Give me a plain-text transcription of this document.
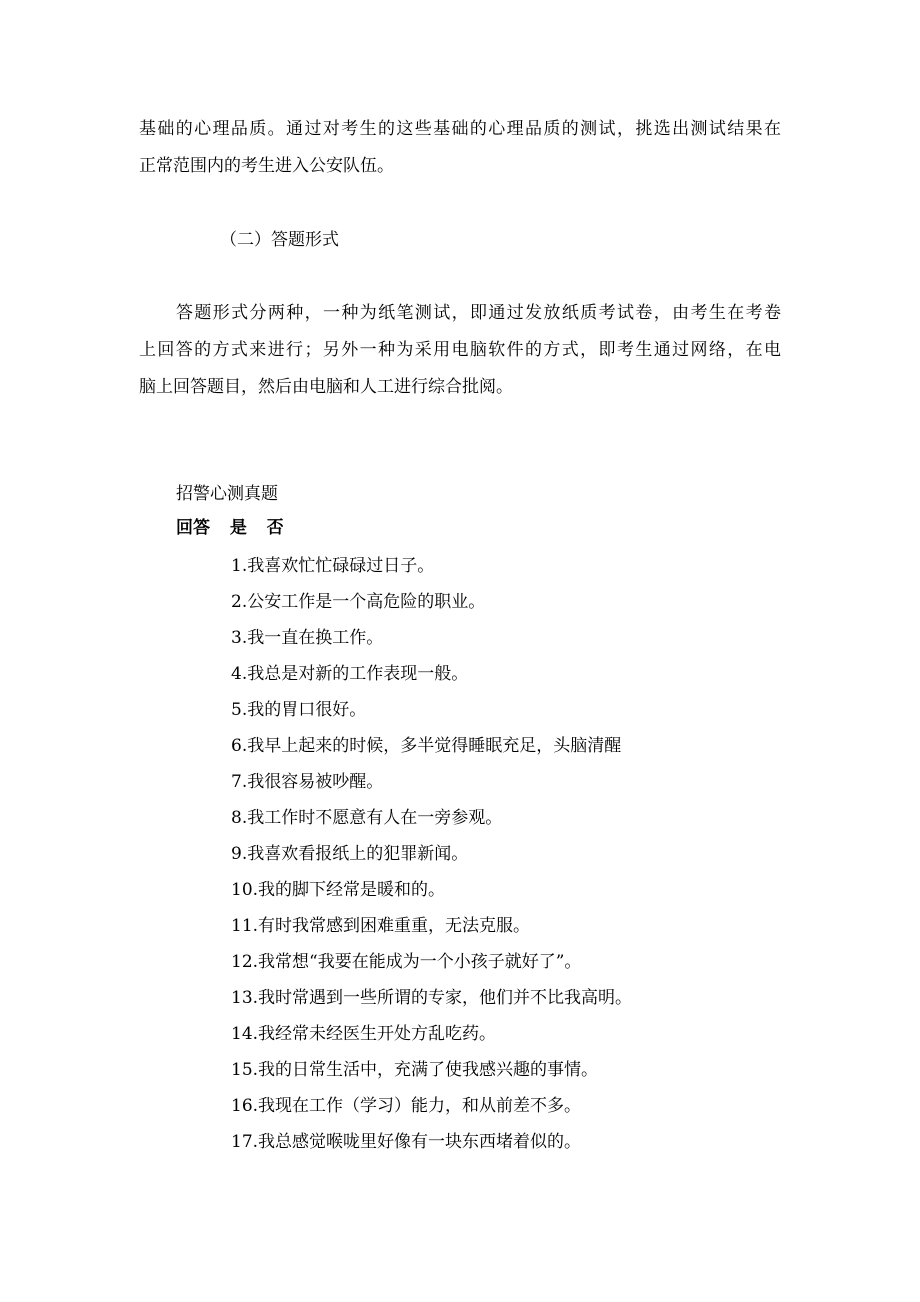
基础的心理品质。通过对考生的这些基础的心理品质的测试，挑选出测试结果在
正常范围内的考生进入公安队伍。
（二）答题形式
答题形式分两种，一种为纸笔测试，即通过发放纸质考试卷，由考生在考卷
上回答的方式来进行；另外一种为采用电脑软件的方式，即考生通过网络，在电
脑上回答题目，然后由电脑和人工进行综合批阅。
招警心测真题
回答  是  否
1.我喜欢忙忙碌碌过日子。
2.公安工作是一个高危险的职业。
3.我一直在换工作。
4.我总是对新的工作表现一般。
5.我的胃口很好。
6.我早上起来的时候，多半觉得睡眠充足，头脑清醒
7.我很容易被吵醒。
8.我工作时不愿意有人在一旁参观。
9.我喜欢看报纸上的犯罪新闻。
10.我的脚下经常是暖和的。
11.有时我常感到困难重重，无法克服。
12.我常想“我要在能成为一个小孩子就好了”。
13.我时常遇到一些所谓的专家，他们并不比我高明。
14.我经常未经医生开处方乱吃药。
15.我的日常生活中，充满了使我感兴趣的事情。
16.我现在工作（学习）能力，和从前差不多。
17.我总感觉喉咙里好像有一块东西堵着似的。
